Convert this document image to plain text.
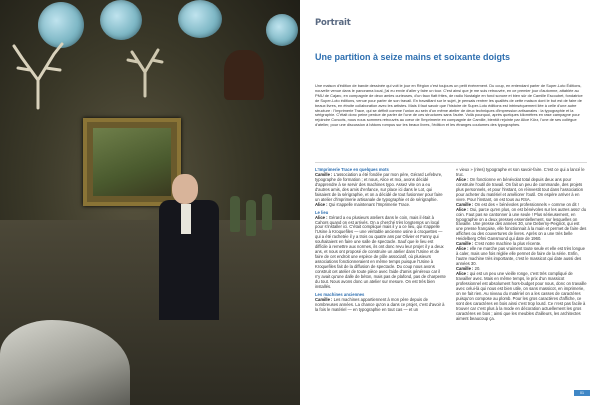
Portrait
Une partition à seize mains et soixante doigts
Une maison d'édition de bande dessinée qui voit le jour en Région c'est toujours un petit événement. Du coup, en entendant parler de Super-Loto Éditions, nouvelle venue dans le panorama local, j'ai eu envie d'aller y faire un tour. C'est ainsi que je me suis retrouvée, en ce premier jour d'automne, attablée au PMU de Cajarc, en compagnie de deux amies curieuses, d'un faux flatt frites, de radio Nostalgie en fond sonore et bien sûr de Camille Escoubet, fondatrice de Super-Loto éditions, venue pour parler de son travail. En travaillant sur le sujet, je pensais rentrer les qualités de cette maison dont le but est de faire de beaux livres, en étroite collaboration avec les artistes. Mais il faut savoir que l'histoire de Super-Loto éditions est intrinsèquement liée à celle d'une autre structure : l'Imprimerie Trace, qui se définit comme l'union au sein d'un même atelier de deux techniques d'impression artisanales : la typographie et la sérigraphie. C'était donc peine perdue de parler de l'une de ces structures sans l'autre. Voilà pourquoi, après quelques kilomètres en rase campagne pour rejoindre Concots, nous nous sommes retrouvés au cœur de l'imprimerie en compagnie de Camille, bientôt rejointe par Alice Kürz, l'une de ses collègue d'atelier, pour une discussion à bâtons rompus sur les beaux livres, l'édition et les étranges coutumes des typographes.

L'Imprimerie Trace en quelques mots

Camille : L'association a été fondée par mon père, Gérard Lefebvre, typographe de formation ; et nous, Alice et moi, avons décidé d'apprendre à se servir des machines typo. Assez vite on a eu d'autres amis, des amis d'enfance, sur place ici dans le Lot, qui faisaient de la sérigraphie, et on a décidé de tout fusionner pour faire un atelier d'imprimerie artisanale de typographie et de sérigraphie.

Alice : Qui s'appelle maintenant l'Imprimerie Trace.

Le lieu

Alice : Gérard a eu plusieurs ateliers dans le coin, mais il était à Cahors quand on est arrivés. On a cherché très longtemps un local pour s'installer ici. C'était compliqué mais il y a ce lieu, qui s'appelle l'Usine à Kroquefiles — une véritable ancienne usine à croquettes — qui a été rachetée il y a trois ou quatre ans par Olivier et Fanny qui souhaitaient en faire une salle de spectacle. Sauf que le lieu est difficile à remettre aux normes, ils ont donc revu leur projet il y a deux ans, et nous ont proposé de construire un atelier dans l'Usine et de faire de cet endroit une espèce de pôle associatif, où plusieurs associations fonctionneraient en même temps puisque l'Usine à Kroquefiles fait de la diffusion de spectacle. Du coup nous avons construit cet atelier de toute pièce avec l'aide d'amis généreux car il n'y avait qu'une dalle de béton, mais pas de plafond, pas de charpente du tout. Nous avons donc un atelier sur mesure. On est très bien installés.

Les machines anciennes

Camille : Les machines appartiennent à mon père depuis de nombreuses années. La chance qu'on a dans ce projet, c'est d'avoir à la fois le matériel — en typographie en tout cas — et un

« vieux » (rires) typographe et son savoir-faire. C'est ce qui a lancé le truc.

Alice : On fonctionne en bénévolat total depuis deux ans pour construire l'outil de travail. On fait un peu de commande, des projets plus personnels, et pour l'instant, on réinvestit tout dans l'association pour acheter du matériel et améliorer l'outil. On espère arriver à en vivre. Pour l'instant, on est tous au RSA.

Camille : On est des « bénévoles professionnels » comme on dit !

Alice : Oui, parce qu'en plus, on est bénévoles sur les autres asso' du coin. Faut pas se cantonner à une seule ! Plus sérieusement, en typographie on a deux presses essentiellement, sur lesquelles on travaille. Une presse des années 30, une Deberny-Peignot, qui est une presse française, elle fonctionnait à la main et permet de faire des affiches ou des couvertures de livres. Après on a une très belle Heidelberg Ofmi Gansmund qui date de 1960.

Camille : C'est notre machine la plus récente.

Alice : elle ne marche pas vraiment toute seule et elle est très longue à caler, mais une fois réglée elle permet de faire de la série. Enfin, l'autre machine très importante, c'est le massicot qui date aussi des années 30.

Camille : 20.

Alice : qui est un peu une vieille ronge, c'est très compliqué de travailler avec. Mais en même temps, le prix d'un massicot professionnel est absolument hors-budget pour nous, donc on travaille avec celui-là qui nous est bien utile, on sans massicot, en imprimerie, on ne fait rien. Au niveau du matériel on a les casses de caractères puisqu'on compose au plomb. Pour les gros caractères d'affiche, ce sont des caractères en bois ainsi c'est trop lourd. Ce n'est pas facile à trouver car c'est plus à la mode en décoration actuellement les gros caractères en bois ; ainsi que les meubles d'ailleurs, les architectes aiment beaucoup ça.

01
